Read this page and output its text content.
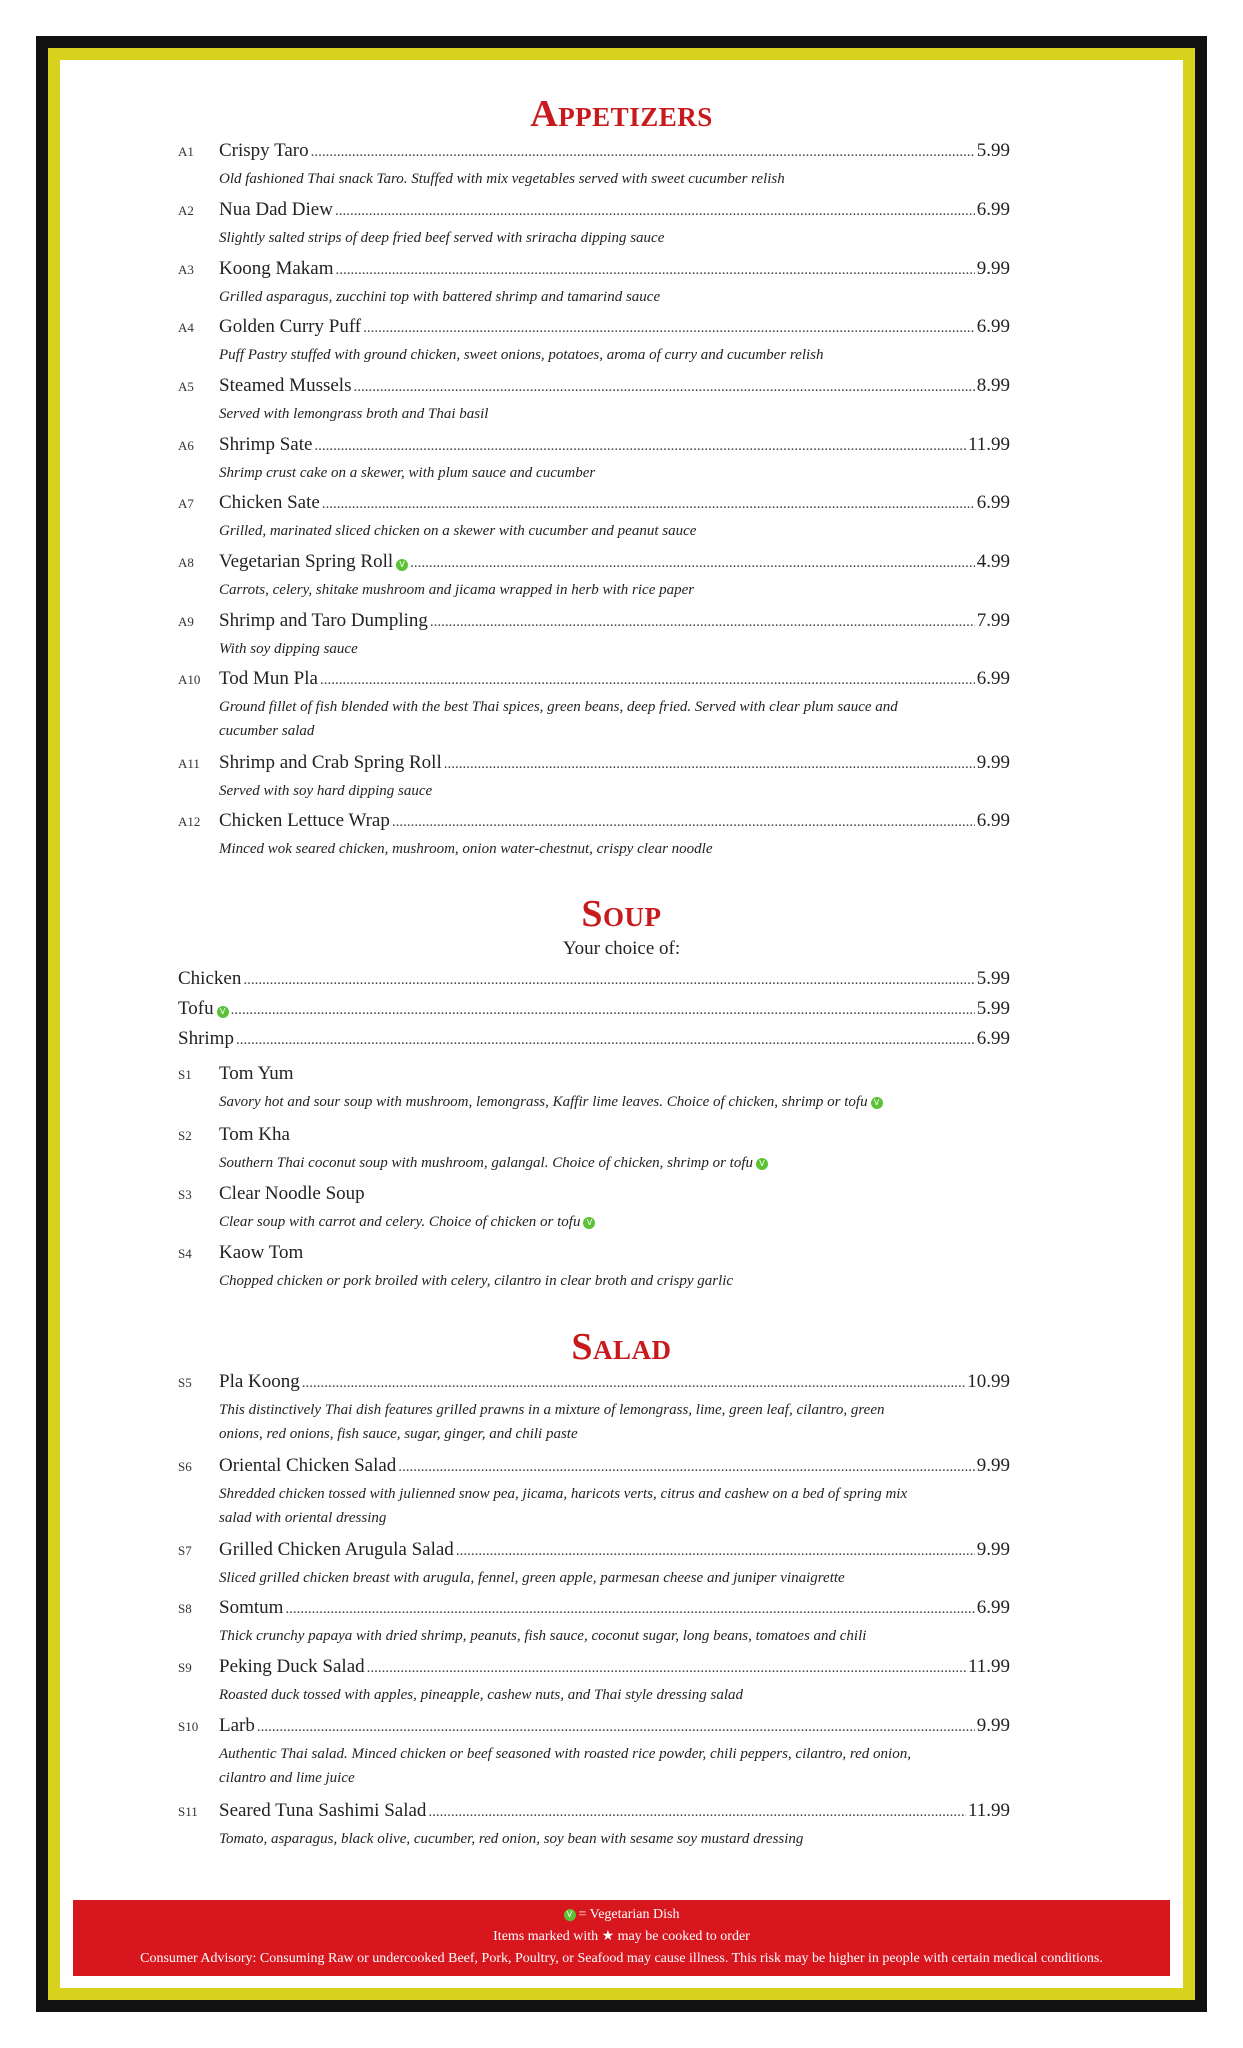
Appetizers
A1 Crispy Taro .....	5.99
Old fashioned Thai snack Taro. Stuffed with mix vegetables served with sweet cucumber relish
A2 Nua Dad Diew .....	6.99
Slightly salted strips of deep fried beef served with sriracha dipping sauce
A3 Koong Makam .....	9.99
Grilled asparagus, zucchini top with battered shrimp and tamarind sauce
A4 Golden Curry Puff .....	6.99
Puff Pastry stuffed with ground chicken, sweet onions, potatoes, aroma of curry and cucumber relish
A5 Steamed Mussels .....	8.99
Served with lemongrass broth and Thai basil
A6 Shrimp Sate .....	11.99
Shrimp crust cake on a skewer, with plum sauce and cucumber
A7 Chicken Sate .....	6.99
Grilled, marinated sliced chicken on a skewer with cucumber and peanut sauce
A8 Vegetarian Spring Roll V .....	4.99
Carrots, celery, shitake mushroom and jicama wrapped in herb with rice paper
A9 Shrimp and Taro Dumpling .....	7.99
With soy dipping sauce
A10 Tod Mun Pla .....	6.99
Ground fillet of fish blended with the best Thai spices, green beans, deep fried. Served with clear plum sauce and cucumber salad
A11 Shrimp and Crab Spring Roll .....	9.99
Served with soy hard dipping sauce
A12 Chicken Lettuce Wrap .....	6.99
Minced wok seared chicken, mushroom, onion water-chestnut, crispy clear noodle
Soup
Your choice of:
Chicken .....	5.99
Tofu V .....	5.99
Shrimp .....	6.99
S1 Tom Yum
Savory hot and sour soup with mushroom, lemongrass, Kaffir lime leaves. Choice of chicken, shrimp or tofu V
S2 Tom Kha
Southern Thai coconut soup with mushroom, galangal. Choice of chicken, shrimp or tofu V
S3 Clear Noodle Soup
Clear soup with carrot and celery. Choice of chicken or tofu V
S4 Kaow Tom
Chopped chicken or pork broiled with celery, cilantro in clear broth and crispy garlic
Salad
S5 Pla Koong .....	10.99
This distinctively Thai dish features grilled prawns in a mixture of lemongrass, lime, green leaf, cilantro, green onions, red onions, fish sauce, sugar, ginger, and chili paste
S6 Oriental Chicken Salad .....	9.99
Shredded chicken tossed with julienned snow pea, jicama, haricots verts, citrus and cashew on a bed of spring mix salad with oriental dressing
S7 Grilled Chicken Arugula Salad .....	9.99
Sliced grilled chicken breast with arugula, fennel, green apple, parmesan cheese and juniper vinaigrette
S8 Somtum .....	6.99
Thick crunchy papaya with dried shrimp, peanuts, fish sauce, coconut sugar, long beans, tomatoes and chili
S9 Peking Duck Salad .....	11.99
Roasted duck tossed with apples, pineapple, cashew nuts, and Thai style dressing salad
S10 Larb .....	9.99
Authentic Thai salad. Minced chicken or beef seasoned with roasted rice powder, chili peppers, cilantro, red onion, cilantro and lime juice
S11 Seared Tuna Sashimi Salad .....	11.99
Tomato, asparagus, black olive, cucumber, red onion, soy bean with sesame soy mustard dressing
V = Vegetarian Dish
Items marked with ★ may be cooked to order
Consumer Advisory: Consuming Raw or undercooked Beef, Pork, Poultry, or Seafood may cause illness. This risk may be higher in people with certain medical conditions.
